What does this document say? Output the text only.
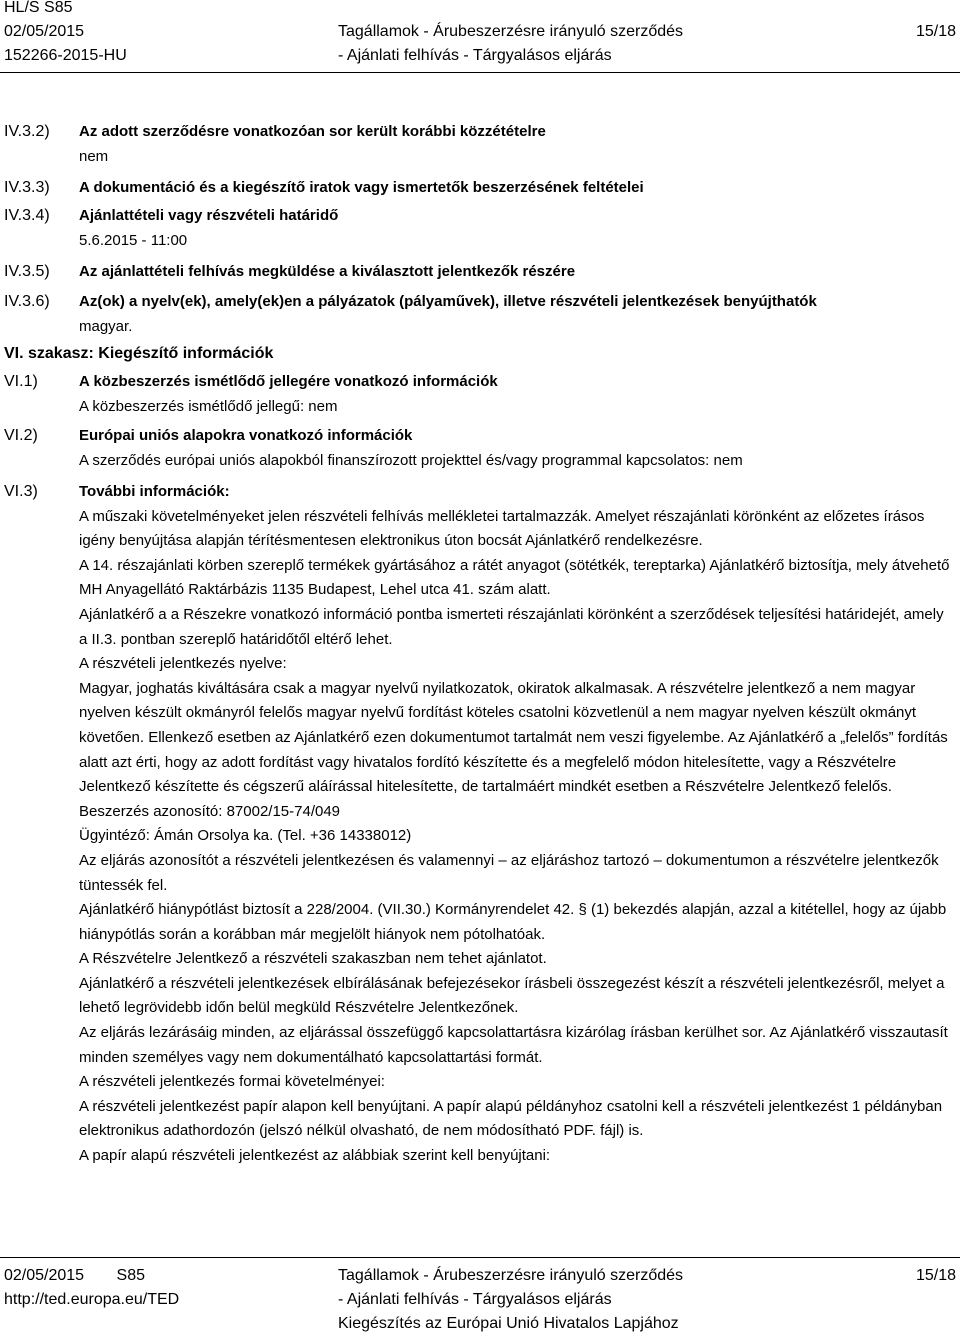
HL/S S85
02/05/2015
152266-2015-HU
Tagállamok - Árubeszerzésre irányuló szerződés
- Ajánlati felhívás - Tárgyalásos eljárás
15/18
IV.3.2) Az adott szerződésre vonatkozóan sor került korábbi közzétételre

nem

IV.3.3) A dokumentáció és a kiegészítő iratok vagy ismertetők beszerzésének feltételei

IV.3.4) Ajánlattételi vagy részvételi határidő

5.6.2015 - 11:00

IV.3.5) Az ajánlattételi felhívás megküldése a kiválasztott jelentkezők részére

IV.3.6) Az(ok) a nyelv(ek), amely(ek)en a pályázatok (pályaművek), illetve részvételi jelentkezések benyújthatók

magyar.

VI. szakasz: Kiegészítő információk
VI.1)	A közbeszerzés ismétlődő jellegére vonatkozó információk

A közbeszerzés ismétlődő jellegű: nem

VI.2)	Európai uniós alapokra vonatkozó információk

A szerződés európai uniós alapokból finanszírozott projekttel és/vagy programmal kapcsolatos: nem

VI.3)	További információk:

A műszaki követelményeket jelen részvételi felhívás mellékletei tartalmazzák. Amelyet részajánlati körönként az előzetes írásos igény benyújtása alapján térítésmentesen elektronikus úton bocsát Ajánlatkérő rendelkezésre.

A 14. részajánlati körben szereplő termékek gyártásához a rátét anyagot (sötétkék, tereptarka) Ajánlatkérő biztosítja, mely átvehető MH Anyagellátó Raktárbázis 1135 Budapest, Lehel utca 41. szám alatt.

Ajánlatkérő a a Részekre vonatkozó információ pontba ismerteti részajánlati körönként a szerződések teljesítési határidejét, amely a II.3. pontban szereplő határidőtől eltérő lehet.

A részvételi jelentkezés nyelve:

Magyar, joghatás kiváltására csak a magyar nyelvű nyilatkozatok, okiratok alkalmasak. A részvételre jelentkező a nem magyar nyelven készült okmányról felelős magyar nyelvű fordítást köteles csatolni közvetlenül a nem magyar nyelven készült okmányt követően. Ellenkező esetben az Ajánlatkérő ezen dokumentumot tartalmát nem veszi figyelembe. Az Ajánlatkérő a „felelős” fordítás alatt azt érti, hogy az adott fordítást vagy hivatalos fordító készítette és a megfelelő módon hitelesítette, vagy a Részvételre Jelentkező készítette és cégszerű aláírással hitelesítette, de tartalmáért mindkét esetben a Részvételre Jelentkező felelős.

Beszerzés azonosító: 87002/15-74/049

Ügyintéző: Ámán Orsolya ka. (Tel. +36 14338012)

Az eljárás azonosítót a részvételi jelentkezésen és valamennyi – az eljáráshoz tartozó – dokumentumon a részvételre jelentkezők tüntessék fel.

Ajánlatkérő hiánypótlást biztosít a 228/2004. (VII.30.) Kormányrendelet 42. § (1) bekezdés alapján, azzal a kitétellel, hogy az újabb hiánypótlás során a korábban már megjelölt hiányok nem pótolhatóak.

A Részvételre Jelentkező a részvételi szakaszban nem tehet ajánlatot.

Ajánlatkérő a részvételi jelentkezések elbírálásának befejezésekor írásbeli összegezést készít a részvételi jelentkezésről, melyet a lehető legrövidebb időn belül megküld Részvételre Jelentkezőnek.

Az eljárás lezárásáig minden, az eljárással összefüggő kapcsolattartásra kizárólag írásban kerülhet sor. Az Ajánlatkérő visszautasít minden személyes vagy nem dokumentálható kapcsolattartási formát.

A részvételi jelentkezés formai követelményei:

A részvételi jelentkezést papír alapon kell benyújtani. A papír alapú példányhoz csatolni kell a részvételi jelentkezést 1 példányban elektronikus adathordozón (jelszó nélkül olvasható, de nem módosítható PDF. fájl) is.

A papír alapú részvételi jelentkezést az alábbiak szerint kell benyújtani:

02/05/2015 S85
http://ted.europa.eu/TED
Tagállamok - Árubeszerzésre irányuló szerződés
- Ajánlati felhívás - Tárgyalásos eljárás
Kiegészítés az Európai Unió Hivatalos Lapjához
15/18
